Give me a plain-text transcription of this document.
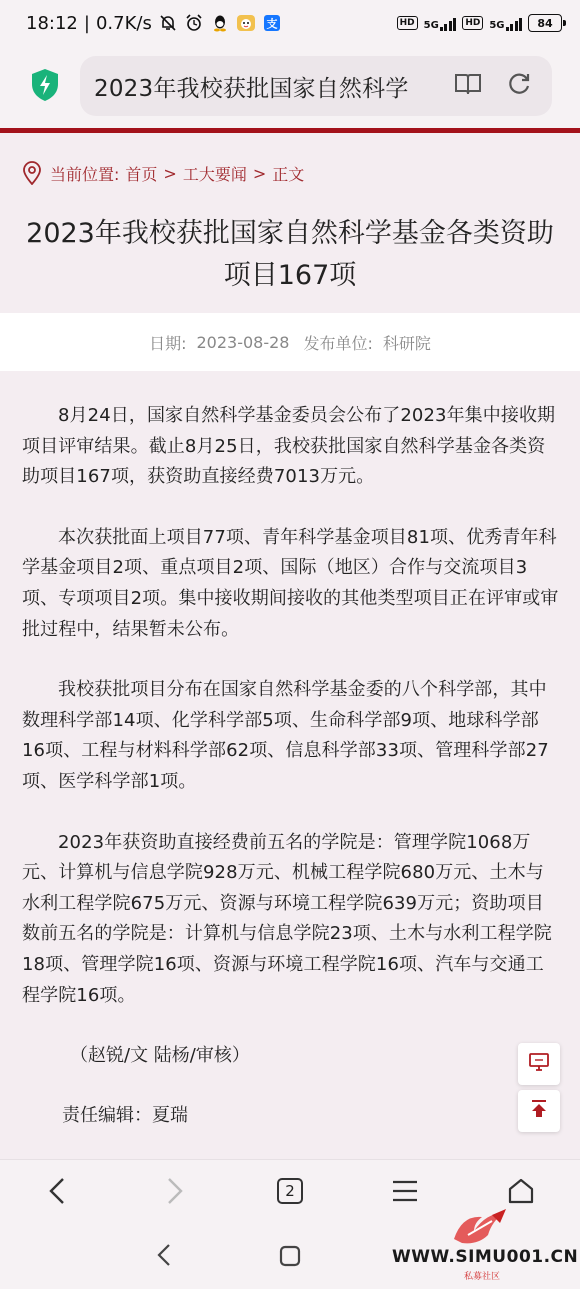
18:12 | 0.7K/s	支	HD 5G	HD 5G	84
2023年我校获批国家自然科学
当前位置: 首页 > 工大要闻 > 正文
2023年我校获批国家自然科学基金各类资助项目167项
日期: 2023-08-28 发布单位: 科研院

8月24日，国家自然科学基金委员会公布了2023年集中接收期项目评审结果。截止8月25日，我校获批国家自然科学基金各类资助项目167项，获资助直接经费7013万元。

本次获批面上项目77项、青年科学基金项目81项、优秀青年科学基金项目2项、重点项目2项、国际（地区）合作与交流项目3项、专项项目2项。集中接收期间接收的其他类型项目正在评审或审批过程中，结果暂未公布。

我校获批项目分布在国家自然科学基金委的八个科学部，其中数理科学部14项、化学科学部5项、生命科学部9项、地球科学部16项、工程与材料科学部62项、信息科学部33项、管理科学部27项、医学科学部1项。

2023年获资助直接经费前五名的学院是：管理学院1068万元、计算机与信息学院928万元、机械工程学院680万元、土木与水利工程学院675万元、资源与环境工程学院639万元；资助项目数前五名的学院是：计算机与信息学院23项、土木与水利工程学院18项、管理学院16项、资源与环境工程学院16项、汽车与交通工程学院16项。

（赵锐/文 陆杨/审核）

责任编辑：夏瑞

2
WWW.SIMU001.CN
私募社区
